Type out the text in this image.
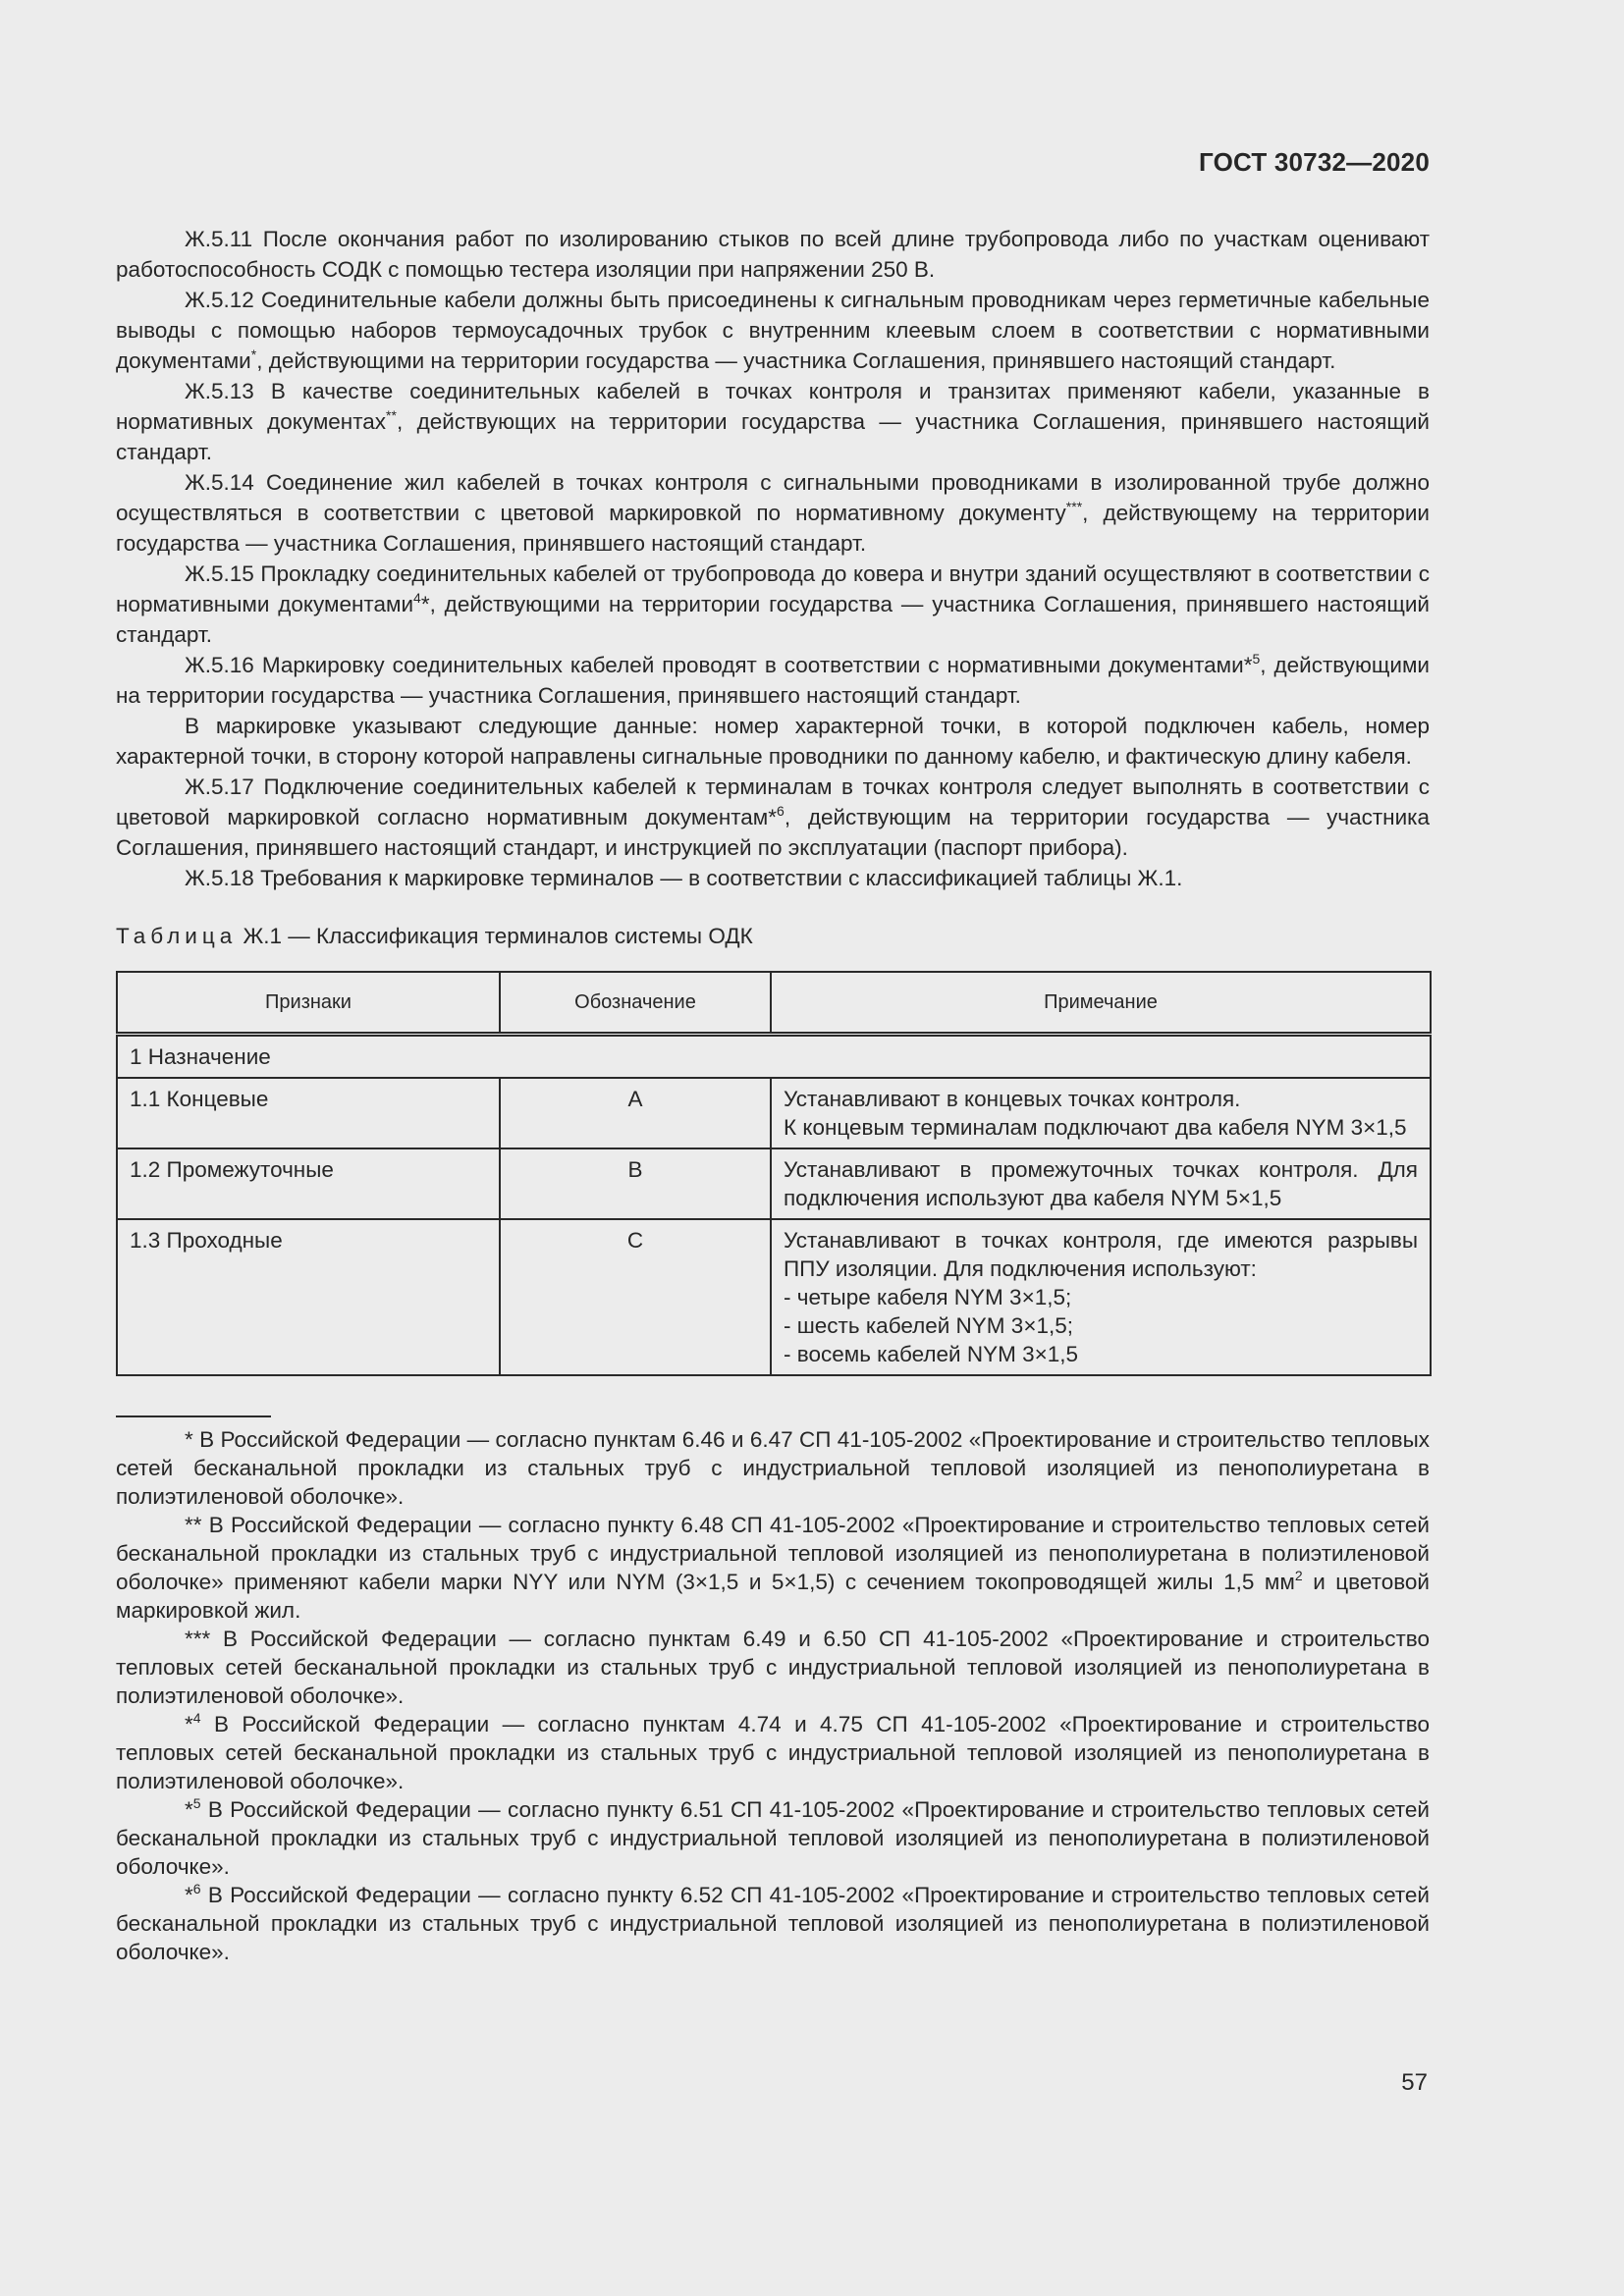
ГОСТ 30732—2020

Ж.5.11 После окончания работ по изолированию стыков по всей длине трубопровода либо по участкам оценивают работоспособность СОДК с помощью тестера изоляции при напряжении 250 В.

Ж.5.12 Соединительные кабели должны быть присоединены к сигнальным проводникам через герметичные кабельные выводы с помощью наборов термоусадочных трубок с внутренним клеевым слоем в соответствии с нормативными документами*, действующими на территории государства — участника Соглашения, принявшего настоящий стандарт.

Ж.5.13 В качестве соединительных кабелей в точках контроля и транзитах применяют кабели, указанные в нормативных документах**, действующих на территории государства — участника Соглашения, принявшего настоящий стандарт.

Ж.5.14 Соединение жил кабелей в точках контроля с сигнальными проводниками в изолированной трубе должно осуществляться в соответствии с цветовой маркировкой по нормативному документу***, действующему на территории государства — участника Соглашения, принявшего настоящий стандарт.

Ж.5.15 Прокладку соединительных кабелей от трубопровода до ковера и внутри зданий осуществляют в соответствии с нормативными документами$^4$*, действующими на территории государства — участника Соглашения, принявшего настоящий стандарт.

Ж.5.16 Маркировку соединительных кабелей проводят в соответствии с нормативными документами*$^5$, действующими на территории государства — участника Соглашения, принявшего настоящий стандарт.

В маркировке указывают следующие данные: номер характерной точки, в которой подключен кабель, номер характерной точки, в сторону которой направлены сигнальные проводники по данному кабелю, и фактическую длину кабеля.

Ж.5.17 Подключение соединительных кабелей к терминалам в точках контроля следует выполнять в соответствии с цветовой маркировкой согласно нормативным документам*$^6$, действующим на территории государства — участника Соглашения, принявшего настоящий стандарт, и инструкцией по эксплуатации (паспорт прибора).

Ж.5.18 Требования к маркировке терминалов — в соответствии с классификацией таблицы Ж.1.

Таблица Ж.1 — Классификация терминалов системы ОДК
Признаки	Обозначение	Примечание
1 Назначение		
1.1 Концевые	A	Устанавливают в концевых точках контроля.
К концевым терминалам подключают два кабеля NYM 3×1,5

1.2 Промежуточные	B	Устанавливают в промежуточных точках контроля. Для подключения используют два кабеля NYM 5×1,5

1.3 Проходные	C	Устанавливают в точках контроля, где имеются разрывы ППУ изоляции. Для подключения используют:
- четыре кабеля NYM 3×1,5;
- шесть кабелей NYM 3×1,5;
- восемь кабелей NYM 3×1,5

* В Российской Федерации — согласно пунктам 6.46 и 6.47 СП 41-105-2002 «Проектирование и строительство тепловых сетей бесканальной прокладки из стальных труб с индустриальной тепловой изоляцией из пенополиуретана в полиэтиленовой оболочке».

** В Российской Федерации — согласно пункту 6.48 СП 41-105-2002 «Проектирование и строительство тепловых сетей бесканальной прокладки из стальных труб с индустриальной тепловой изоляцией из пенополиуретана в полиэтиленовой оболочке» применяют кабели марки NYY или NYM (3×1,5 и 5×1,5) с сечением токопроводящей жилы 1,5 $мм^2$ и цветовой маркировкой жил.

*** В Российской Федерации — согласно пунктам 6.49 и 6.50 СП 41-105-2002 «Проектирование и строительство тепловых сетей бесканальной прокладки из стальных труб с индустриальной тепловой изоляцией из пенополиуретана в полиэтиленовой оболочке».

*$^4$ В Российской Федерации — согласно пунктам 4.74 и 4.75 СП 41-105-2002 «Проектирование и строительство тепловых сетей бесканальной прокладки из стальных труб с индустриальной тепловой изоляцией из пенополиуретана в полиэтиленовой оболочке».

*$^5$ В Российской Федерации — согласно пункту 6.51 СП 41-105-2002 «Проектирование и строительство тепловых сетей бесканальной прокладки из стальных труб с индустриальной тепловой изоляцией из пенополиуретана в полиэтиленовой оболочке».

*$^6$ В Российской Федерации — согласно пункту 6.52 СП 41-105-2002 «Проектирование и строительство тепловых сетей бесканальной прокладки из стальных труб с индустриальной тепловой изоляцией из пенополиуретана в полиэтиленовой оболочке».

57
